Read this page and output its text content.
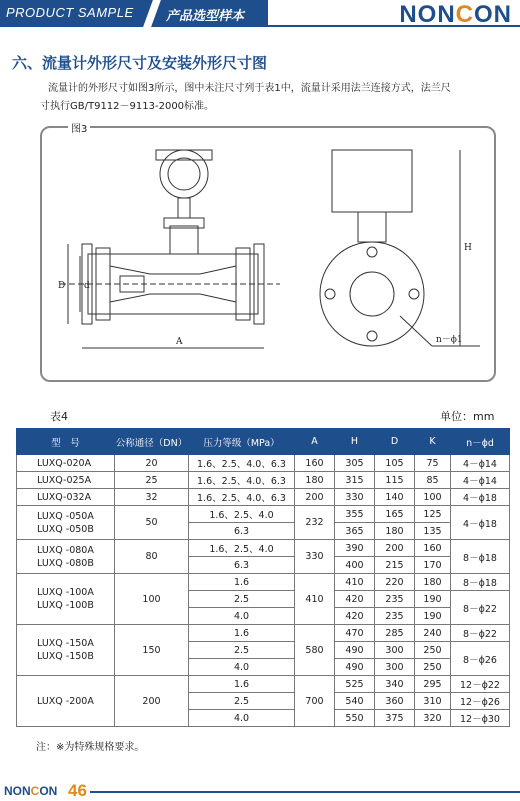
PRODUCT SAMPLE 产品选型样本	NONCON
六、流量计外形尺寸及安装外形尺寸图

流量计的外形尺寸如图3所示，图中未注尺寸列于表1中，流量计采用法兰连接方式，法兰尺

寸执行GB/T9112－9113-2000标准。

图3
A
D d
H
n－ϕ1
表4	单位：mm
型　号	公称通径（DN）	压力等级（MPa）	A	H	D	K	n－ϕd
LUXQ-020A	20	1.6、2.5、4.0、6.3	160	305	105	75	4－ϕ14
LUXQ-025A	25	1.6、2.5、4.0、6.3	180	315	115	85	4－ϕ14
LUXQ-032A	32	1.6、2.5、4.0、6.3	200	330	140	100	4－ϕ18
LUXQ -050A
LUXQ -050B	50	1.6、2.5、4.0	232	355	165	125	4－ϕ18
		6.3		365	180	135	
LUXQ -080A
LUXQ -080B	80	1.6、2.5、4.0	330	390	200	160	8－ϕ18
		6.3		400	215	170	
LUXQ -100A
LUXQ -100B	100	1.6	410	410	220	180	8－ϕ18
		2.5		420	235	190	8－ϕ22
		4.0		420	235	190	
LUXQ -150A
LUXQ -150B	150	1.6	580	470	285	240	8－ϕ22
		2.5		490	300	250	8－ϕ26
		4.0		490	300	250	
LUXQ -200A	200	1.6	700	525	340	295	12－ϕ22
		2.5		540	360	310	12－ϕ26
		4.0		550	375	320	12－ϕ30
注：※为特殊规格要求。
NONCON 46
